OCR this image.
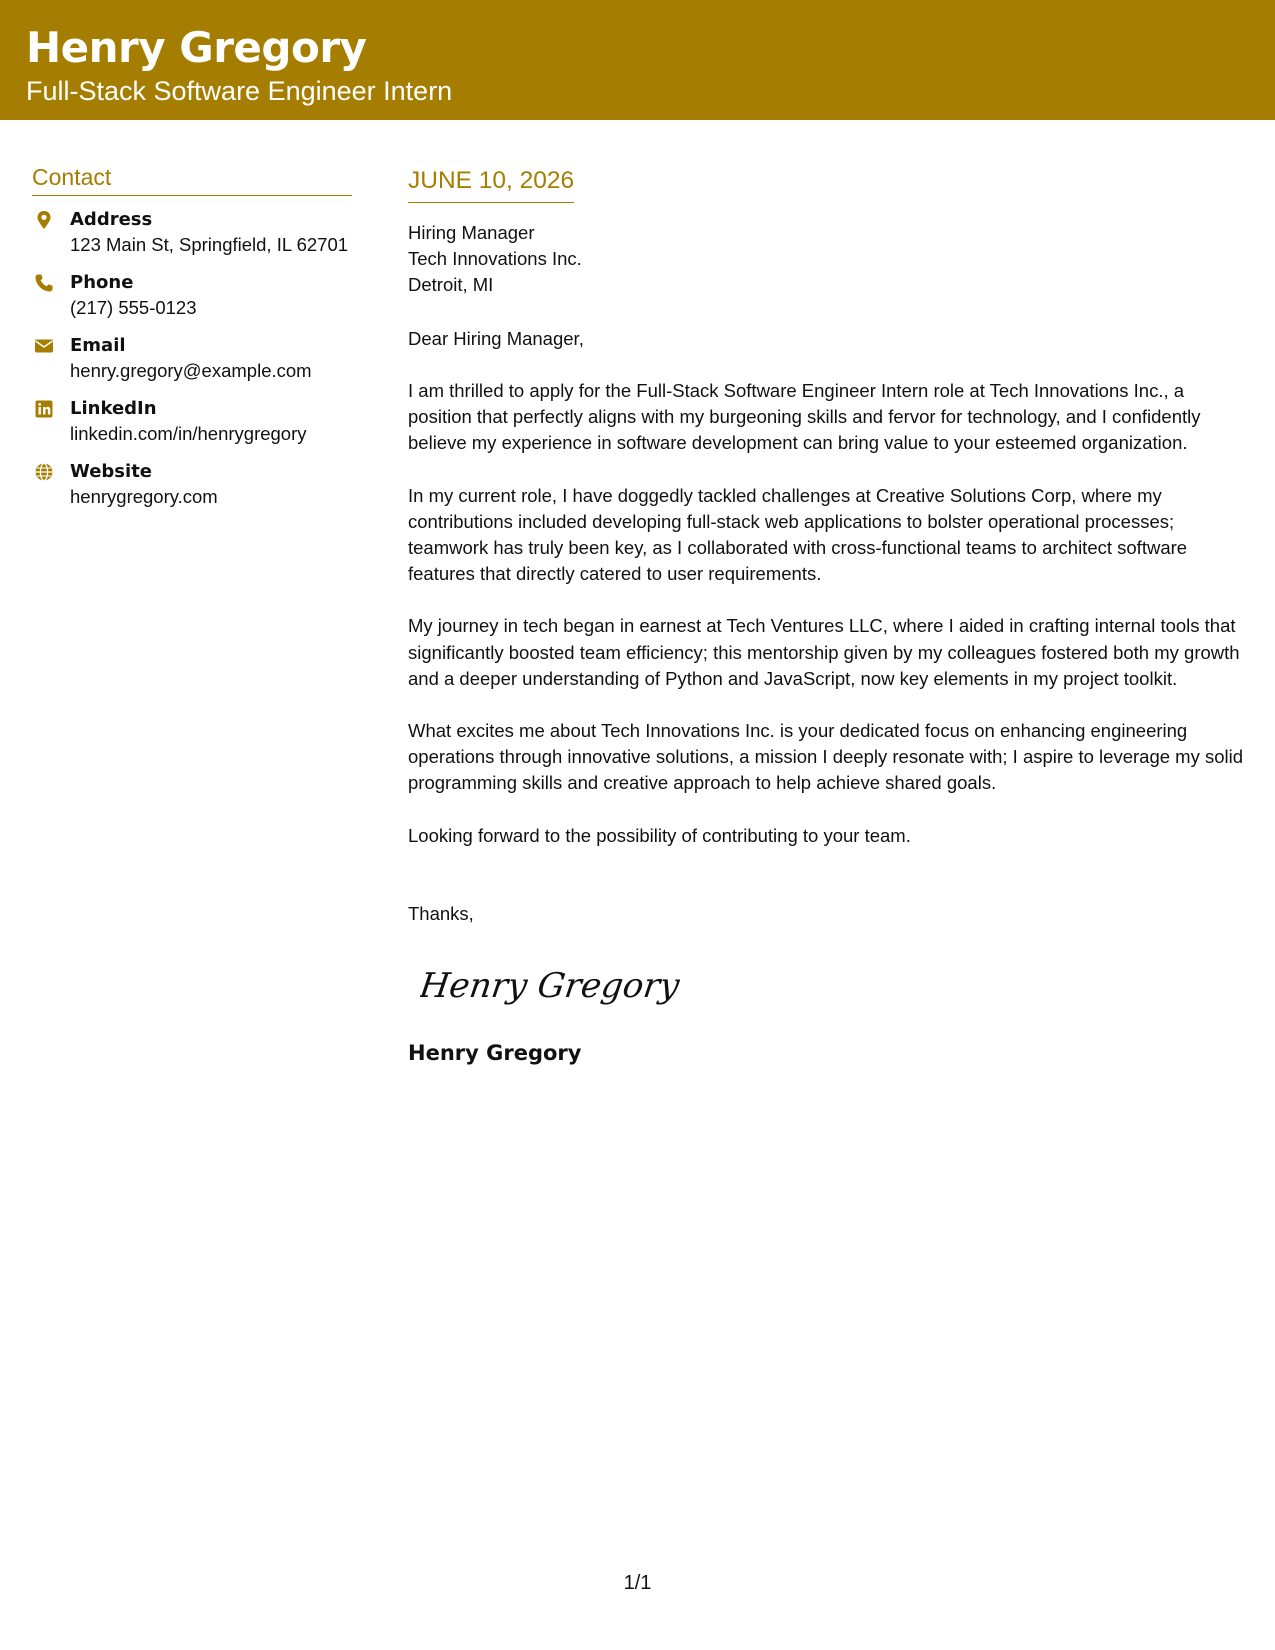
Henry Gregory
Full-Stack Software Engineer Intern
Contact
Address
123 Main St, Springfield, IL 62701
Phone
(217) 555-0123
Email
henry.gregory@example.com
LinkedIn
linkedin.com/in/henrygregory
Website
henrygregory.com
JUNE 10, 2026
Hiring Manager
Tech Innovations Inc.
Detroit, MI
Dear Hiring Manager,
I am thrilled to apply for the Full-Stack Software Engineer Intern role at Tech Innovations Inc., a position that perfectly aligns with my burgeoning skills and fervor for technology, and I confidently believe my experience in software development can bring value to your esteemed organization.
In my current role, I have doggedly tackled challenges at Creative Solutions Corp, where my contributions included developing full-stack web applications to bolster operational processes; teamwork has truly been key, as I collaborated with cross-functional teams to architect software features that directly catered to user requirements.
My journey in tech began in earnest at Tech Ventures LLC, where I aided in crafting internal tools that significantly boosted team efficiency; this mentorship given by my colleagues fostered both my growth and a deeper understanding of Python and JavaScript, now key elements in my project toolkit.
What excites me about Tech Innovations Inc. is your dedicated focus on enhancing engineering operations through innovative solutions, a mission I deeply resonate with; I aspire to leverage my solid programming skills and creative approach to help achieve shared goals.
Looking forward to the possibility of contributing to your team.
Thanks,
Henry Gregory
Henry Gregory
1/1
